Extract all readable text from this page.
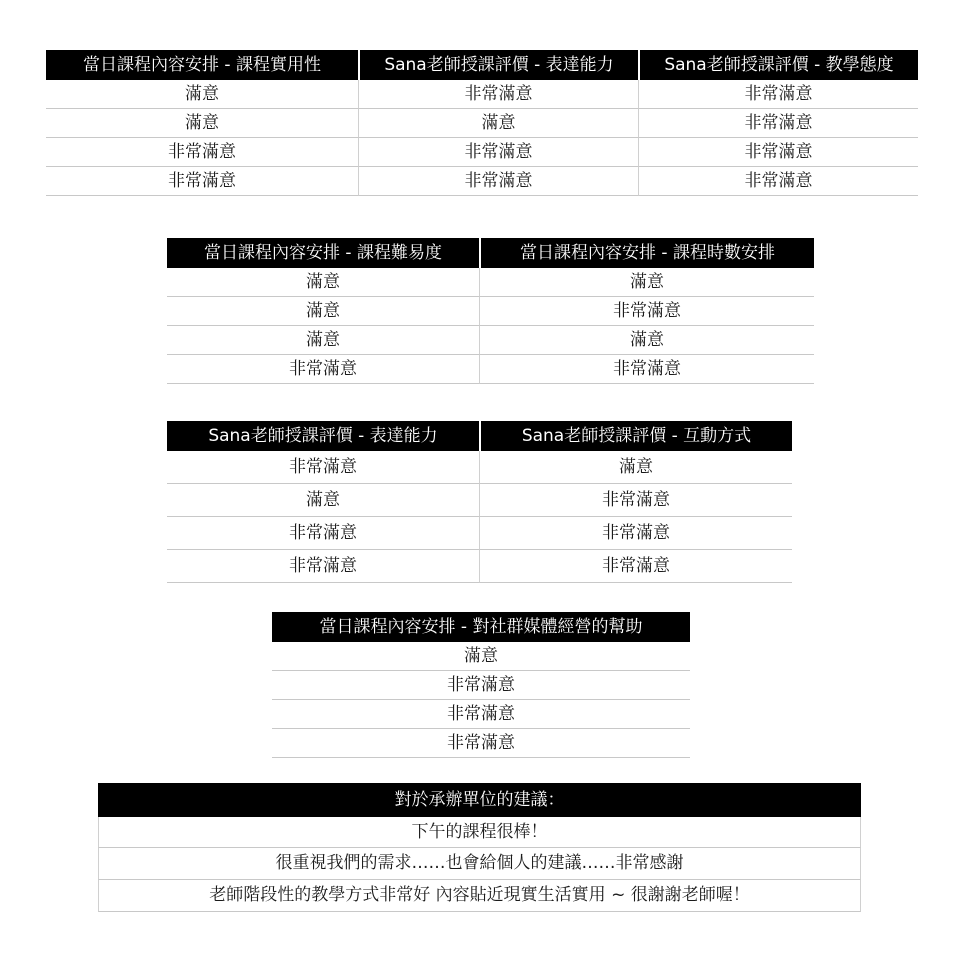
當日課程內容安排 - 課程實用性	Sana老師授課評價 - 表達能力	Sana老師授課評價 - 教學態度
滿意	非常滿意	非常滿意
滿意	滿意	非常滿意
非常滿意	非常滿意	非常滿意
非常滿意	非常滿意	非常滿意
當日課程內容安排 - 課程難易度	當日課程內容安排 - 課程時數安排
滿意	滿意
滿意	非常滿意
滿意	滿意
非常滿意	非常滿意
Sana老師授課評價 - 表達能力	Sana老師授課評價 - 互動方式
非常滿意	滿意
滿意	非常滿意
非常滿意	非常滿意
非常滿意	非常滿意
當日課程內容安排 - 對社群媒體經營的幫助
滿意
非常滿意
非常滿意
非常滿意
對於承辦單位的建議：
下午的課程很棒！
很重視我們的需求……也會給個人的建議……非常感謝
老師階段性的教學方式非常好 內容貼近現實生活實用 ~ 很謝謝老師喔！
